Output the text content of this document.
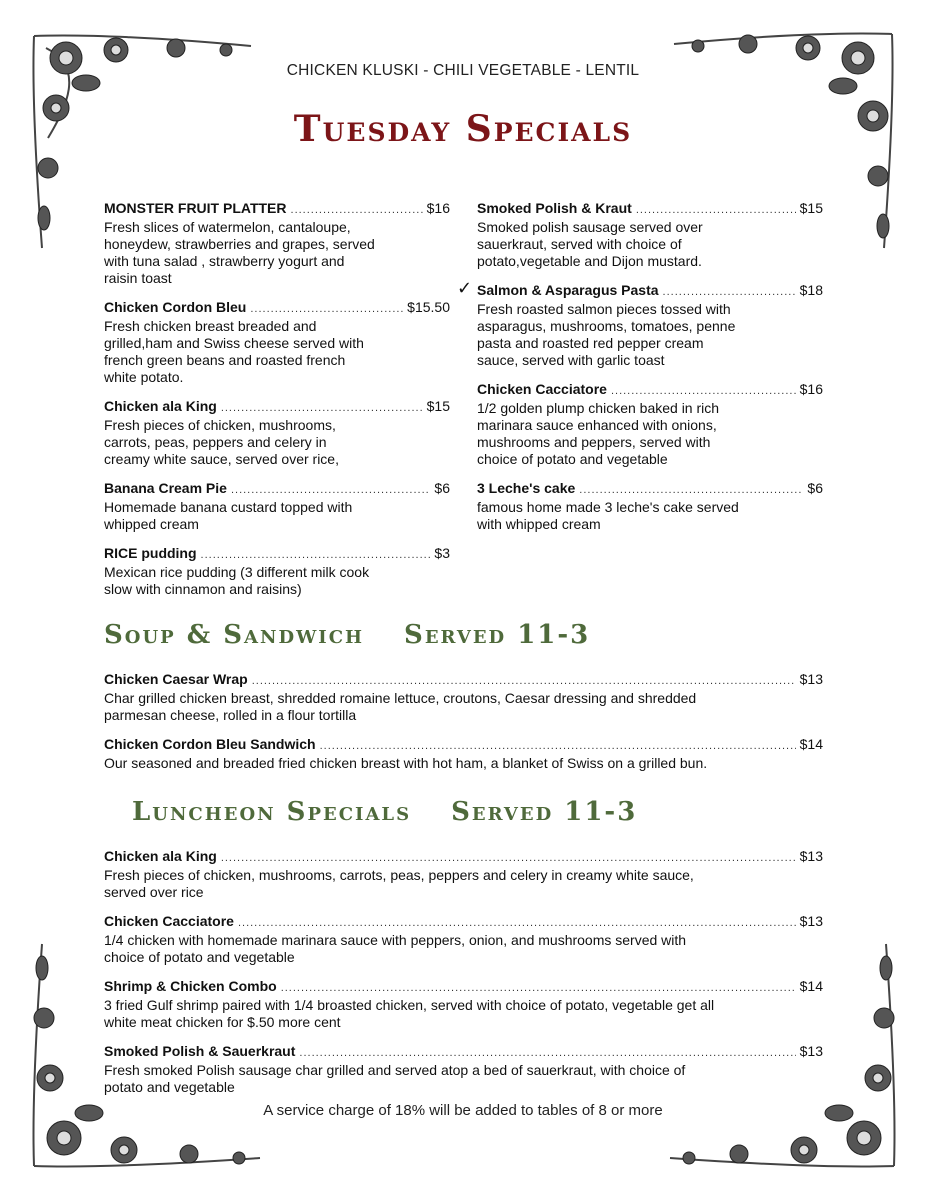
CHICKEN KLUSKI - CHILI VEGETABLE - LENTIL
Tuesday Specials
MONSTER FRUIT PLATTER .....	$16
Fresh slices of watermelon, cantaloupe,
honeydew, strawberries and grapes, served
with tuna salad , strawberry yogurt and
raisin toast
Chicken Cordon Bleu .....	$15.50
Fresh chicken breast breaded and
grilled,ham and Swiss cheese served with
french green beans and roasted french
white potato.
Chicken ala King .....	$15
Fresh pieces of chicken, mushrooms,
carrots, peas, peppers and celery in
creamy white sauce, served over rice,
Banana Cream Pie .....	$6
Homemade banana custard topped with
whipped cream
RICE pudding .....	$3
Mexican rice pudding (3 different milk cook
slow with cinnamon and raisins)
Smoked Polish & Kraut .....	$15
Smoked polish sausage served over
sauerkraut, served with choice of
potato,vegetable and Dijon mustard.
✓ Salmon & Asparagus Pasta .....	$18
Fresh roasted salmon pieces tossed with
asparagus, mushrooms, tomatoes, penne
pasta and roasted red pepper cream
sauce, served with garlic toast
Chicken Cacciatore .....	$16
1/2 golden plump chicken baked in rich
marinara sauce enhanced with onions,
mushrooms and peppers, served with
choice of potato and vegetable
3 Leche's cake .....	$6
famous home made 3 leche's cake served
with whipped cream
Soup & Sandwich Served 11-3
Chicken Caesar Wrap .....	$13
Char grilled chicken breast, shredded romaine lettuce, croutons, Caesar dressing and shredded
parmesan cheese, rolled in a flour tortilla
Chicken Cordon Bleu Sandwich .....	$14
Our seasoned and breaded fried chicken breast with hot ham, a blanket of Swiss on a grilled bun.
Luncheon Specials Served 11-3
Chicken ala King .....	$13
Fresh pieces of chicken, mushrooms, carrots, peas, peppers and celery in creamy white sauce,
served over rice
Chicken Cacciatore .....	$13
1/4 chicken with homemade marinara sauce with peppers, onion, and mushrooms served with
choice of potato and vegetable
Shrimp & Chicken Combo .....	$14
3 fried Gulf shrimp paired with 1/4 broasted chicken, served with choice of potato, vegetable get all
white meat chicken for $.50 more cent
Smoked Polish & Sauerkraut .....	$13
Fresh smoked Polish sausage char grilled and served atop a bed of sauerkraut, with choice of
potato and vegetable
A service charge of 18% will be added to tables of 8 or more
